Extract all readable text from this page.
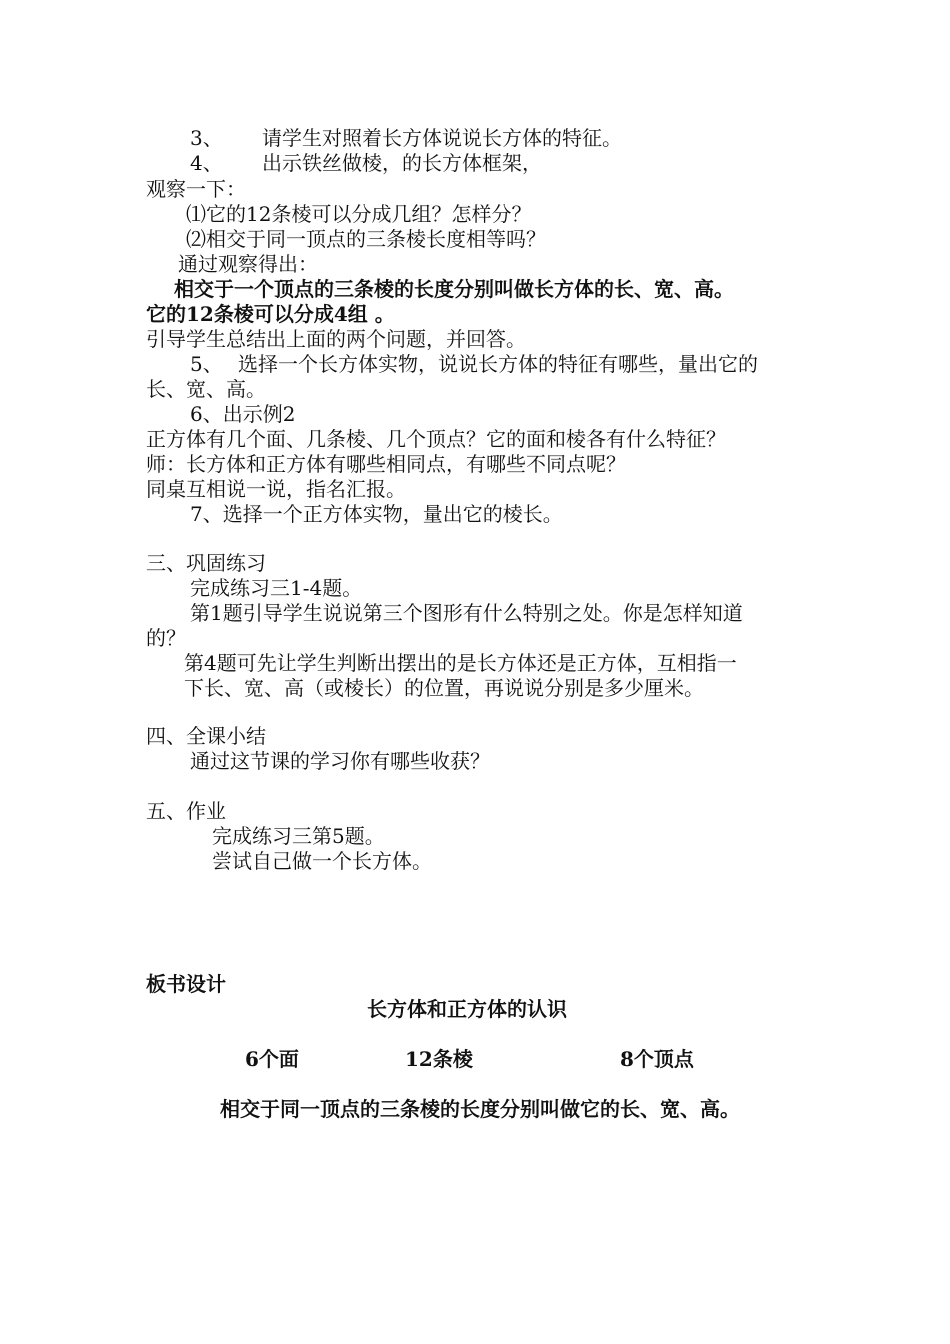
3、 请学生对照着长方体说说长方体的特征。
4、 出示铁丝做棱，的长方体框架，
观察一下：
⑴它的12条棱可以分成几组？怎样分？
⑵相交于同一顶点的三条棱长度相等吗？
通过观察得出：
相交于一个顶点的三条棱的长度分别叫做长方体的长、宽、高。
它的12条棱可以分成4组 。
引导学生总结出上面的两个问题，并回答。
5、 选择一个长方体实物，说说长方体的特征有哪些，量出它的
长、宽、高。
6、出示例2
正方体有几个面、几条棱、几个顶点？它的面和棱各有什么特征？
师：长方体和正方体有哪些相同点，有哪些不同点呢？
同桌互相说一说，指名汇报。
7、选择一个正方体实物，量出它的棱长。
三、巩固练习
完成练习三1-4题。
第1题引导学生说说第三个图形有什么特别之处。你是怎样知道
的？
第4题可先让学生判断出摆出的是长方体还是正方体，互相指一
下长、宽、高（或棱长）的位置，再说说分别是多少厘米。
四、全课小结
通过这节课的学习你有哪些收获？
五、作业
完成练习三第5题。
尝试自己做一个长方体。
板书设计
长方体和正方体的认识
6个面	12条棱	8个顶点
相交于同一顶点的三条棱的长度分别叫做它的长、宽、高。
